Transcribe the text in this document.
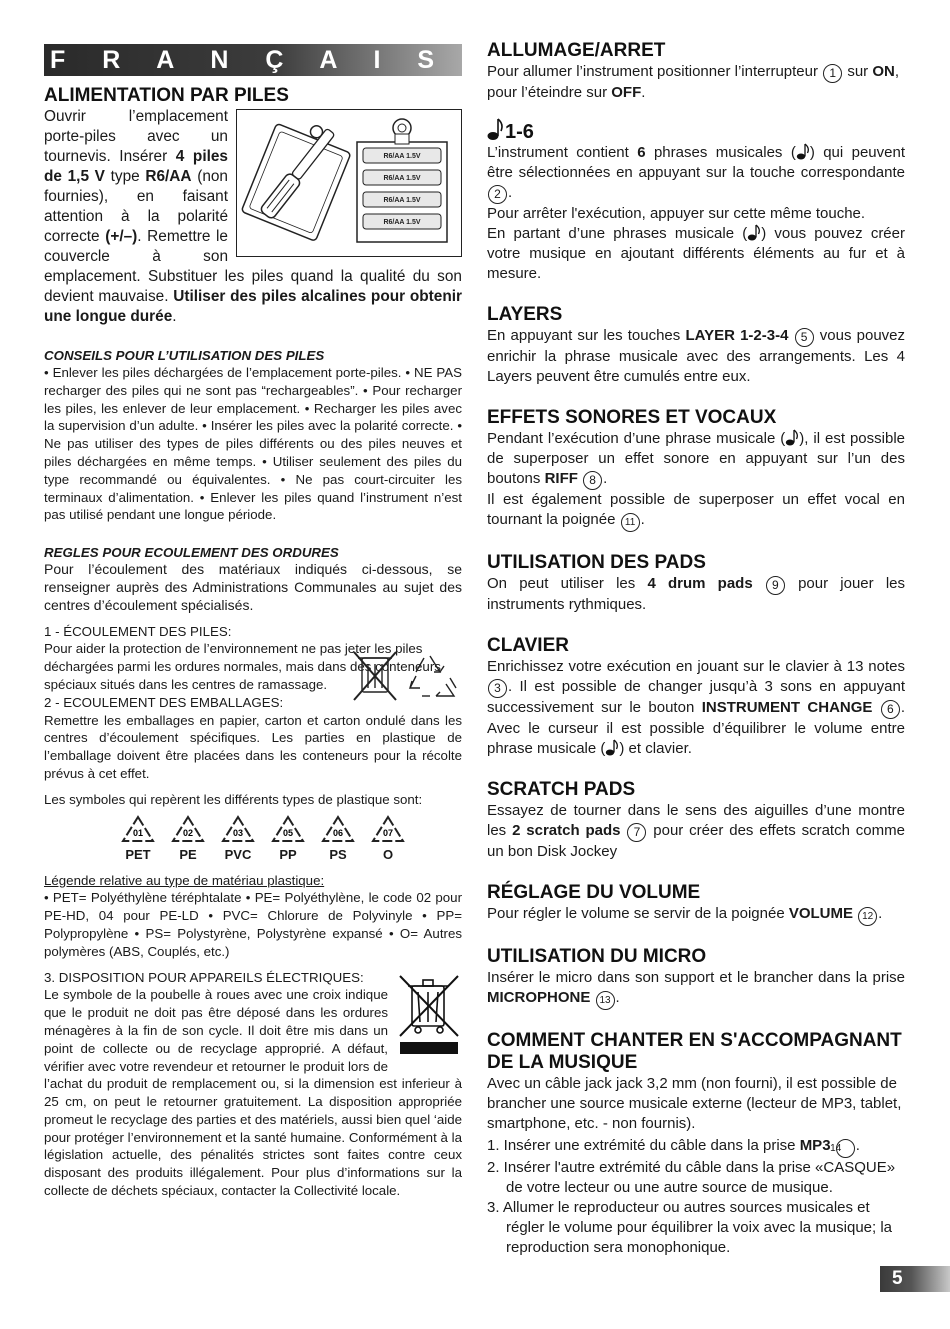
F R A N Ç A I S
ALIMENTATION PAR PILES
R6/AA 1.5V
R6/AA 1.5V
R6/AA 1.5V
R6/AA 1.5V

Ouvrir l’emplacement porte-piles avec un tournevis. Insérer 4 piles de 1,5 V type R6/AA (non fournies), en faisant attention à la polarité correcte (+/–). Remettre le couvercle à son emplacement. Substituer les piles quand la qualité du son devient mauvaise. Utiliser des piles alcalines pour obtenir une longue durée.

CONSEILS POUR L’UTILISATION DES PILES

• Enlever les piles déchargées de l’emplacement porte-piles. • NE PAS recharger des piles qui ne sont pas “rechargeables”. • Pour recharger les piles, les enlever de leur emplacement. • Recharger les piles avec la supervision d’un adulte. • Insérer les piles avec la polarité correcte. • Ne pas utiliser des types de piles différents ou des piles neuves et piles déchargées en même temps. • Utiliser seulement des piles du type recommandé ou équivalentes. • Ne pas court-circuiter les terminaux d’alimentation. • Enlever les piles quand l’instrument n’est pas utilisé pendant une longue période.

REGLES POUR ECOULEMENT DES ORDURES

Pour l’écoulement des matériaux indiqués ci-dessous, se renseigner auprès des Administrations Communales au sujet des centres d’écoulement spécialisés.

1 - ÉCOULEMENT DES PILES:

Pour aider la protection de l’environnement ne pas jeter les piles déchargées parmi les ordures normales, mais dans des conteneurs spéciaux situés dans les centres de ramassage.

2 - ECOULEMENT DES EMBALLAGES:

Remettre les emballages en papier, carton et carton ondulé dans les centres d’écoulement spécifiques. Les parties en plastique de l’emballage doivent être placées dans les conteneurs pour la récolte prévus à cet effet.

Les symboles qui repèrent les différents types de plastique sont:

01
PET
02
PE
03
PVC
05
PP
06
PS
07
O

Légende relative au type de matériau plastique:

• PET= Polyéthylène téréphtalate • PE= Polyéthylène, le code 02 pour PE-HD, 04 pour PE-LD • PVC= Chlorure de Polyvinyle • PP= Polypropylène • PS= Polystyrène, Polystyrène expansé • O= Autres polymères (ABS, Couplés, etc.)

3. DISPOSITION POUR APPAREILS ÉLECTRIQUES:

Le symbole de la poubelle à roues avec une croix indique que le produit ne doit pas être déposé dans les ordures ménagères à la fin de son cycle. Il doit être mis dans un point de collecte ou de recyclage approprié. A défaut, vérifier avec votre revendeur et retourner le produit lors de l’achat du produit de remplacement ou, si la dimension est inferieur à 25 cm, on peut le retourner gratuitement. La disposition appropriée promeut le recyclage des parties et des matériels, aussi bien quel ‘aide pour protéger l’environnement et la santé humaine. Conformément à la législation actuelle, des pénalités strictes sont faites contre ceux disposant des produits illégalement. Pour plus d’informations sur la collecte de déchets spéciaux, contacter la Collectivité locale.

ALLUMAGE/ARRET

Pour allumer l’instrument positionner l’interrupteur 1 sur ON, pour l’éteindre sur OFF.

1-6

L’instrument contient 6 phrases musicales ( ) qui peuvent être sélectionnées en appuyant sur la touche correspondante 2 .

Pour arrêter l'exécution, appuyer sur cette même touche.

En partant d’une phrases musicale ( ) vous pouvez créer votre musique en ajoutant différents éléments au fur et à mesure.

LAYERS

En appuyant sur les touches LAYER 1-2-3-4 5 vous pouvez enrichir la phrase musicale avec des arrangements. Les 4 Layers peuvent être cumulés entre eux.

EFFETS SONORES ET VOCAUX

Pendant l’exécution d’une phrase musicale ( ), il est possible de superposer un effet sonore en appuyant sur l’un des boutons RIFF 8 .

Il est également possible de superposer un effet vocal en tournant la poignée 11 .

UTILISATION DES PADS

On peut utiliser les 4 drum pads 9 pour jouer les instruments rythmiques.

CLAVIER

Enrichissez votre exécution en jouant sur le clavier à 13 notes 3 . Il est possible de changer jusqu’à 3 sons en appuyant successivement sur le bouton INSTRUMENT CHANGE 6 . Avec le curseur il est possible d’équilibrer le volume entre phrase musicale ( ) et clavier.

SCRATCH PADS

Essayez de tourner dans le sens des aiguilles d’une montre les 2 scratch pads 7 pour créer des effets scratch comme un bon Disk Jockey

RÉGLAGE DU VOLUME

Pour régler le volume se servir de la poignée VOLUME 12 .

UTILISATION DU MICRO

Insérer le micro dans son support et le brancher dans la prise MICROPHONE 13 .

COMMENT CHANTER EN S'ACCOMPAGNANT DE LA MUSIQUE

Avec un câble jack jack 3,2 mm (non fourni), il est possible de brancher une source musicale externe (lecteur de MP3, tablet, smartphone, etc. - non fournis).

1. Insérer une extrémité du câble dans la prise MP3 14 .
2. Insérer l'autre extrémité du câble dans la prise «CASQUE» de votre lecteur ou une autre source de musique.
3. Allumer le reproducteur ou autres sources musicales et régler le volume pour équilibrer la voix avec la musique; la reproduction sera monophonique.
5
